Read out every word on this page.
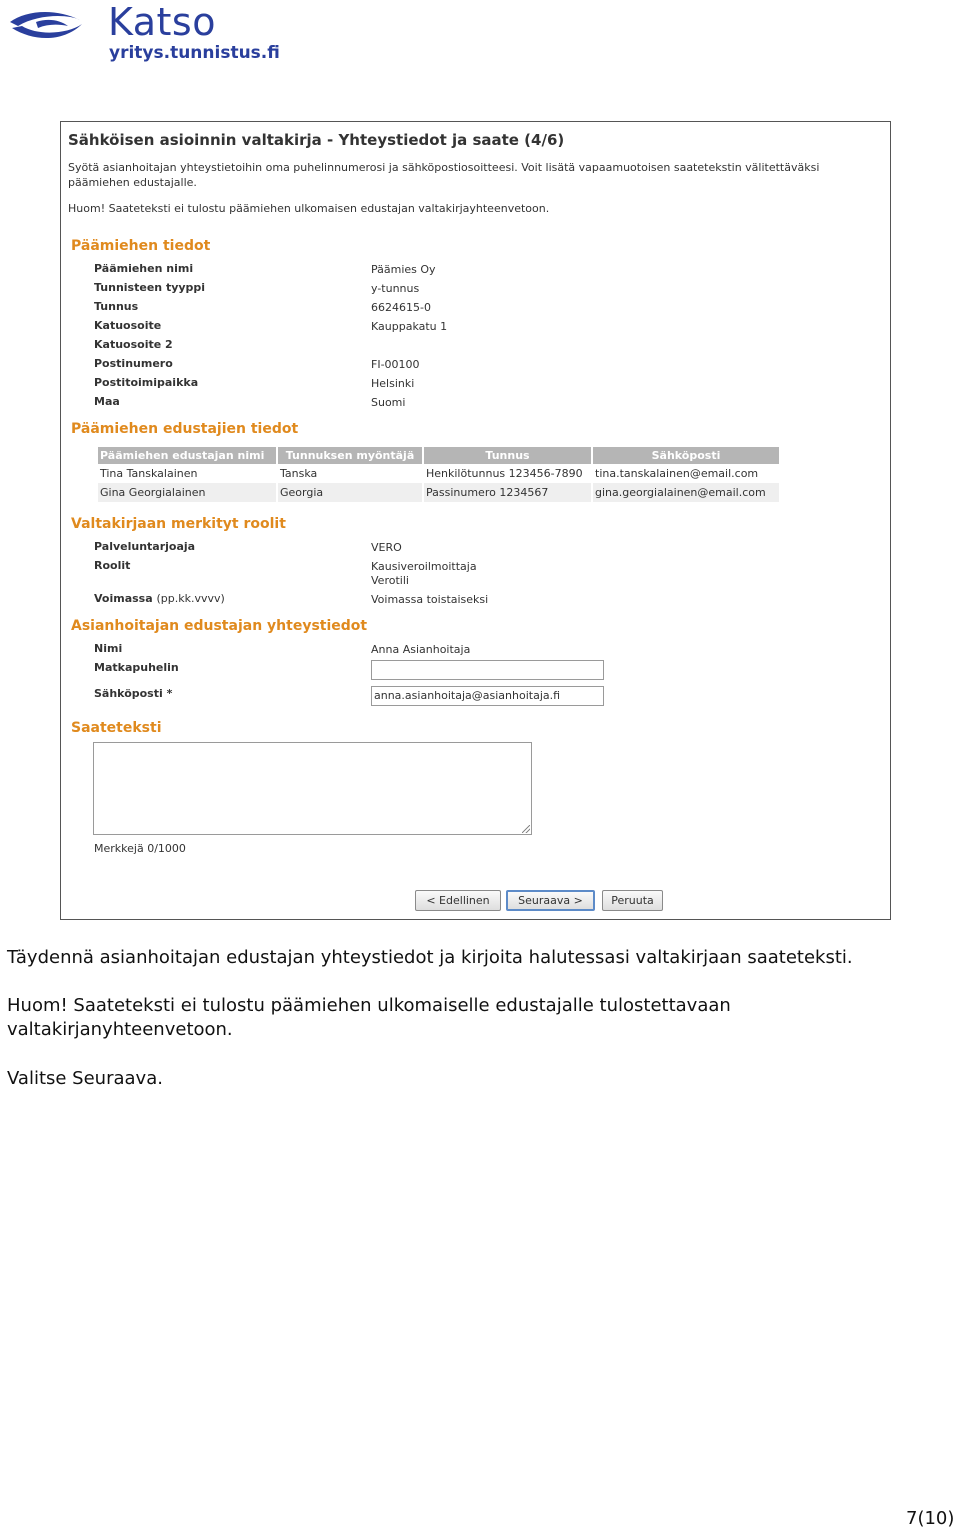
Katso
yritys.tunnistus.fi
Sähköisen asioinnin valtakirja - Yhteystiedot ja saate (4/6)
Syötä asianhoitajan yhteystietoihin oma puhelinnumerosi ja sähköpostiosoitteesi. Voit lisätä vapaamuotoisen saatetekstin välitettäväksi päämiehen edustajalle.
Huom! Saateteksti ei tulostu päämiehen ulkomaisen edustajan valtakirjayhteenvetoon.
Päämiehen tiedot
Päämiehen nimi	Päämies Oy
Tunnisteen tyyppi	y-tunnus
Tunnus	6624615-0
Katuosoite	Kauppakatu 1
Katuosoite 2
Postinumero	FI-00100
Postitoimipaikka	Helsinki
Maa	Suomi
Päämiehen edustajien tiedot
Päämiehen edustajan nimi	Tunnuksen myöntäjä	Tunnus	Sähköposti
Tina Tanskalainen	Tanska	Henkilötunnus 123456-7890	tina.tanskalainen@email.com
Gina Georgialainen	Georgia	Passinumero 1234567	gina.georgialainen@email.com
Valtakirjaan merkityt roolit
Palveluntarjoaja	VERO
Roolit	Kausiveroilmoittaja
Verotili
Voimassa (pp.kk.vvvv)	Voimassa toistaiseksi
Asianhoitajan edustajan yhteystiedot
Nimi	Anna Asianhoitaja
Matkapuhelin
Sähköposti *	anna.asianhoitaja@asianhoitaja.fi
Saateteksti
Merkkejä 0/1000
< Edellinen	Seuraava >	Peruuta
Täydennä asianhoitajan edustajan yhteystiedot ja kirjoita halutessasi valtakirjaan saateteksti.
Huom! Saateteksti ei tulostu päämiehen ulkomaiselle edustajalle tulostettavaan
valtakirjanyhteenvetoon.
Valitse Seuraava.
7(10)
